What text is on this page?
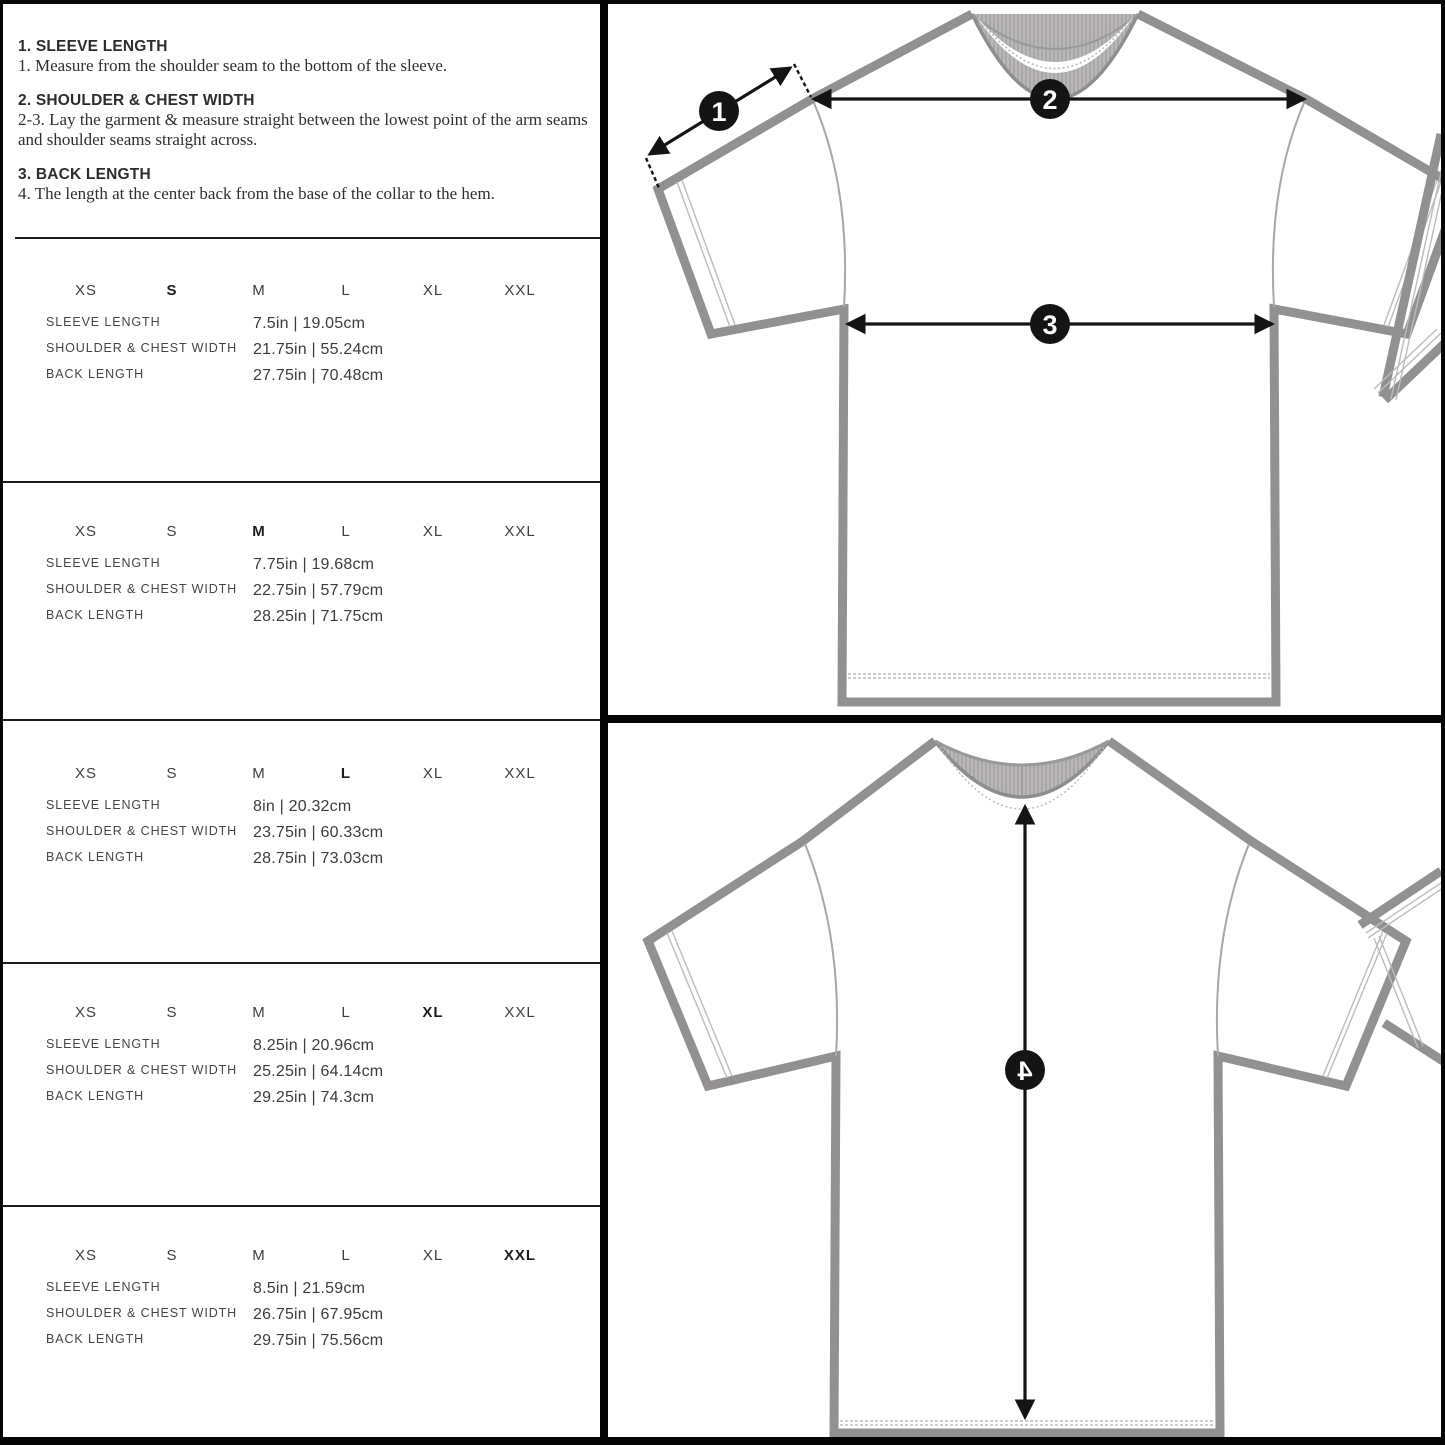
1. SLEEVE LENGTH

1. Measure from the shoulder seam to the bottom of the sleeve.

2. SHOULDER & CHEST WIDTH

2-3. Lay the garment & measure straight between the lowest point of the arm seams and shoulder seams straight across.

3. BACK LENGTH

4. The length at the center back from the base of the collar to the hem.

XS	S	M	L	XL	XXL
SLEEVE LENGTH	7.5in | 19.05cm
SHOULDER & CHEST WIDTH 21.75in | 55.24cm
BACK LENGTH	27.75in | 70.48cm
XS	S	M	L	XL	XXL
SLEEVE LENGTH	7.75in | 19.68cm
SHOULDER & CHEST WIDTH 22.75in | 57.79cm
BACK LENGTH	28.25in | 71.75cm
XS	S	M	L	XL	XXL
SLEEVE LENGTH	8in | 20.32cm
SHOULDER & CHEST WIDTH 23.75in | 60.33cm
BACK LENGTH	28.75in | 73.03cm
XS	S	M	L	XL	XXL
SLEEVE LENGTH	8.25in | 20.96cm
SHOULDER & CHEST WIDTH 25.25in | 64.14cm
BACK LENGTH	29.25in | 74.3cm
XS	S	M	L	XL	XXL
SLEEVE LENGTH	8.5in | 21.59cm
SHOULDER & CHEST WIDTH 26.75in | 67.95cm
BACK LENGTH	29.75in | 75.56cm
1	2
3
4
